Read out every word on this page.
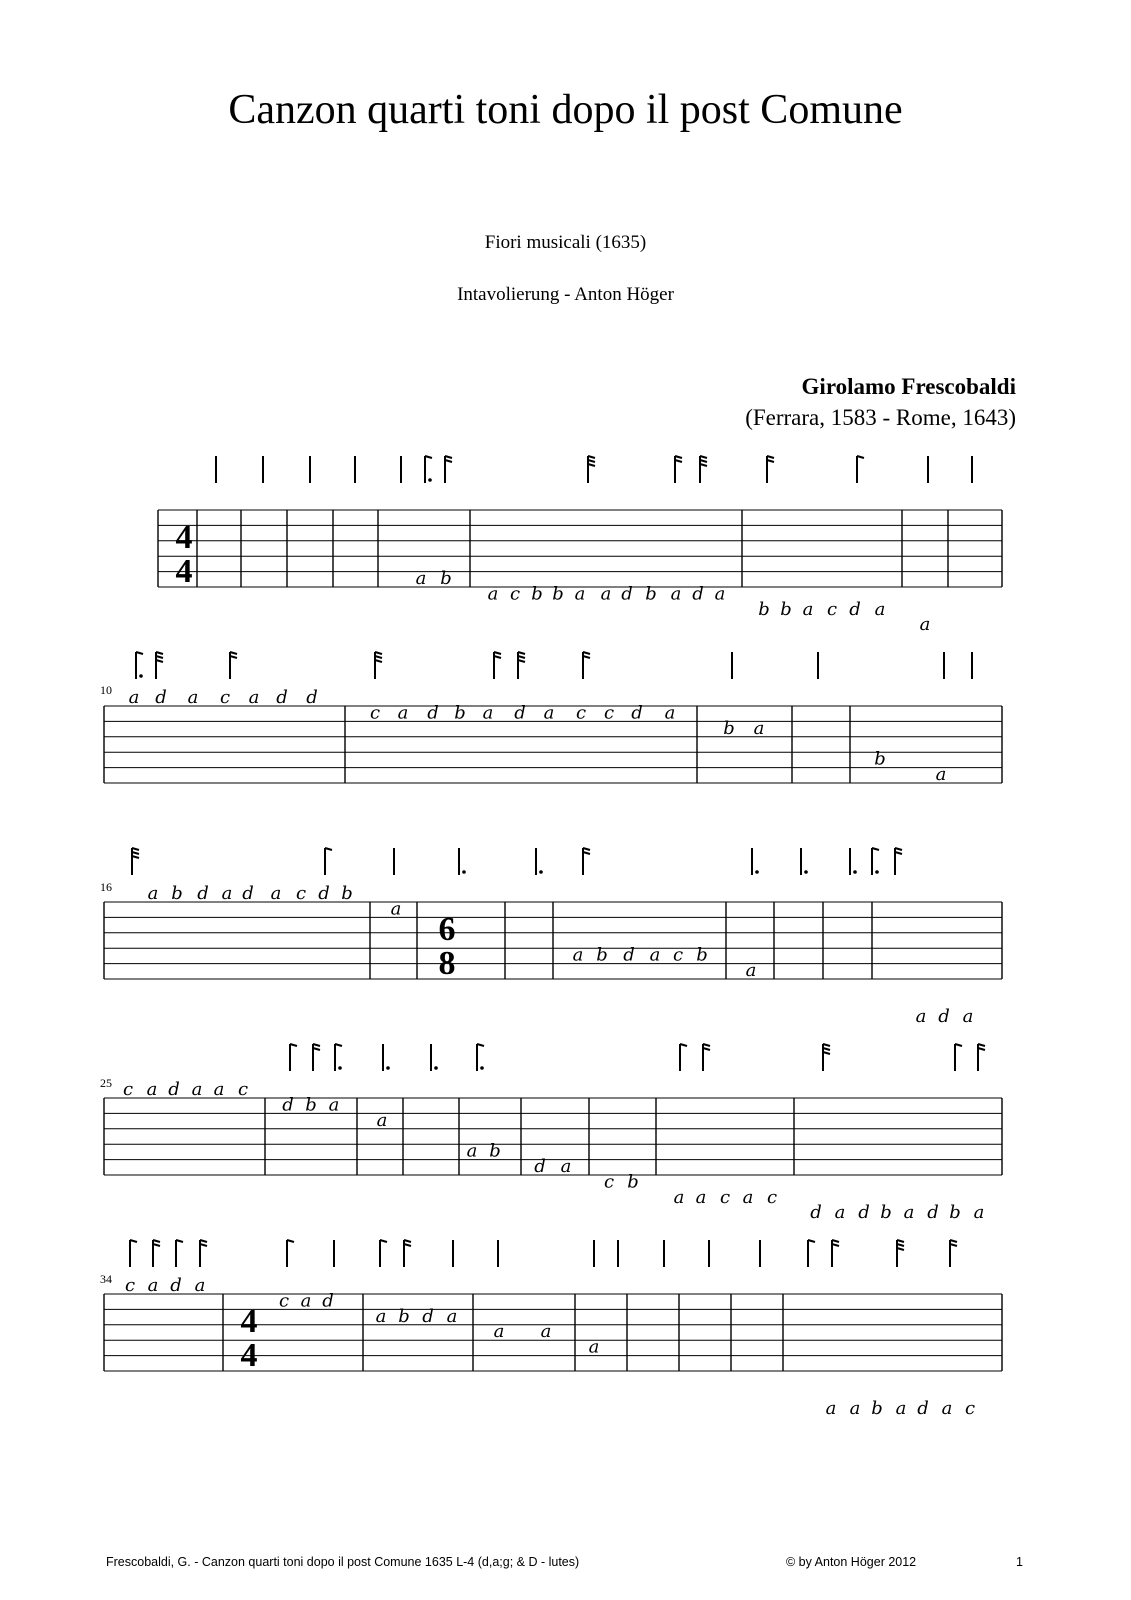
Canzon quarti toni dopo il post Comune
Fiori musicali (1635)
Intavolierung - Anton Höger
Girolamo Frescobaldi
(Ferrara, 1583 - Rome, 1643)
10
16
25
34
4
4	a b
a c b b a a d b a d a
b b a c d a
a
a d a c a d d
c a d b a d a c c d a
b a
b
a
6
8
a b d a d a c d b
a
a b d a c b
a
a d a
c a d a a c
d b a
a
a b
d a
c b
a a c a c
d a d b a d b a
4
4
c a d a
c a d
a b d a
a a
a
a a b a d a c
Frescobaldi, G. - Canzon quarti toni dopo il post Comune 1635 L-4 (d,a;g; & D - lutes)	© by Anton Höger 2012	1
